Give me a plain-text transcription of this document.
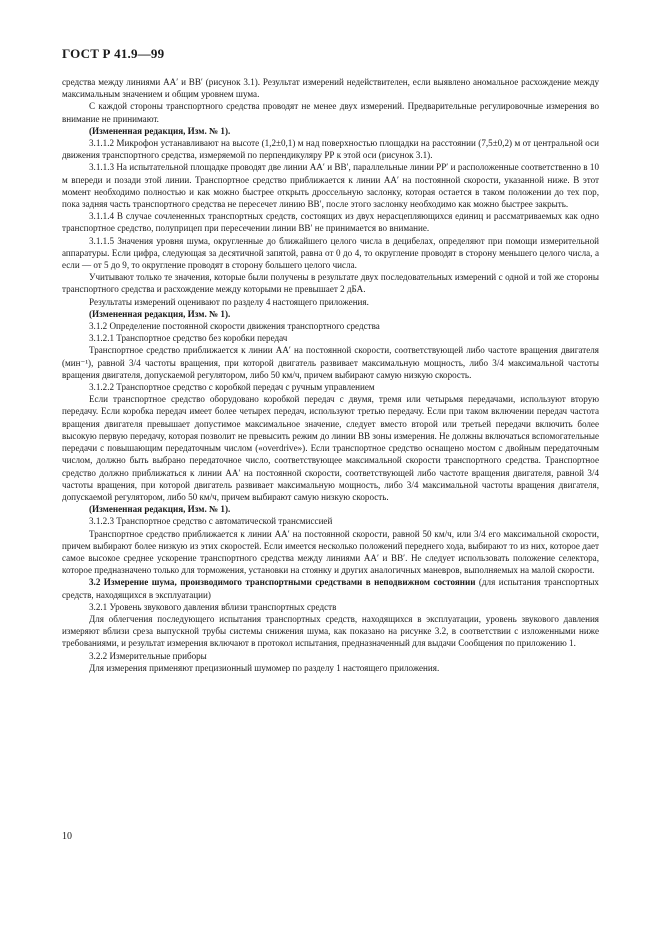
ГОСТ Р 41.9—99

средства между линиями АА′ и ВВ′ (рисунок 3.1). Результат измерений недействителен, если выявлено аномальное расхождение между максимальным значением и общим уровнем шума.

С каждой стороны транспортного средства проводят не менее двух измерений. Предварительные регулировочные измерения во внимание не принимают.

(Измененная редакция, Изм. № 1).

3.1.1.2 Микрофон устанавливают на высоте (1,2±0,1) м над поверхностью площадки на расстоянии (7,5±0,2) м от центральной оси движения транспортного средства, измеряемой по перпендикуляру РР к этой оси (рисунок 3.1).

3.1.1.3 На испытательной площадке проводят две линии АА′ и ВВ′, параллельные линии РР′ и расположенные соответственно в 10 м впереди и позади этой линии. Транспортное средство приближается к линии АА′ на постоянной скорости, указанной ниже. В этот момент необходимо полностью и как можно быстрее открыть дроссельную заслонку, которая остается в таком положении до тех пор, пока задняя часть транспортного средства не пересечет линию ВВ′, после этого заслонку необходимо как можно быстрее закрыть.

3.1.1.4 В случае сочлененных транспортных средств, состоящих из двух нерасцепляющихся единиц и рассматриваемых как одно транспортное средство, полуприцеп при пересечении линии ВВ′ не принимается во внимание.

3.1.1.5 Значения уровня шума, округленные до ближайшего целого числа в децибелах, определяют при помощи измерительной аппаратуры. Если цифра, следующая за десятичной запятой, равна от 0 до 4, то округление проводят в сторону меньшего целого числа, а если — от 5 до 9, то округление проводят в сторону большего целого числа.

Учитывают только те значения, которые были получены в результате двух последовательных измерений с одной и той же стороны транспортного средства и расхождение между которыми не превышает 2 дБА.

Результаты измерений оценивают по разделу 4 настоящего приложения.

(Измененная редакция, Изм. № 1).

3.1.2 Определение постоянной скорости движения транспортного средства

3.1.2.1 Транспортное средство без коробки передач

Транспортное средство приближается к линии АА′ на постоянной скорости, соответствующей либо частоте вращения двигателя (мин⁻¹), равной 3/4 частоты вращения, при которой двигатель развивает максимальную мощность, либо 3/4 максимальной частоты вращения двигателя, допускаемой регулятором, либо 50 км/ч, причем выбирают самую низкую скорость.

3.1.2.2 Транспортное средство с коробкой передач с ручным управлением

Если транспортное средство оборудовано коробкой передач с двумя, тремя или четырьмя передачами, используют вторую передачу. Если коробка передач имеет более четырех передач, используют третью передачу. Если при таком включении передач частота вращения двигателя превышает допустимое максимальное значение, следует вместо второй или третьей передачи включить более высокую первую передачу, которая позволит не превысить режим до линии ВВ зоны измерения. Не должны включаться вспомогательные передачи с повышающим передаточным числом («overdrive»). Если транспортное средство оснащено мостом с двойным передаточным числом, должно быть выбрано передаточное число, соответствующее максимальной скорости транспортного средства. Транспортное средство должно приближаться к линии АА′ на постоянной скорости, соответствующей либо частоте вращения двигателя, равной 3/4 частоты вращения, при которой двигатель развивает максимальную мощность, либо 3/4 максимальной частоты вращения двигателя, допускаемой регулятором, либо 50 км/ч, причем выбирают самую низкую скорость.

(Измененная редакция, Изм. № 1).

3.1.2.3 Транспортное средство с автоматической трансмиссией

Транспортное средство приближается к линии АА′ на постоянной скорости, равной 50 км/ч, или 3/4 его максимальной скорости, причем выбирают более низкую из этих скоростей. Если имеется несколько положений переднего хода, выбирают то из них, которое дает самое высокое среднее ускорение транспортного средства между линиями АА′ и ВВ′. Не следует использовать положение селектора, которое предназначено только для торможения, установки на стоянку и других аналогичных маневров, выполняемых на малой скорости.

3.2 Измерение шума, производимого транспортными средствами в неподвижном состоянии (для испытания транспортных средств, находящихся в эксплуатации)

3.2.1 Уровень звукового давления вблизи транспортных средств

Для облегчения последующего испытания транспортных средств, находящихся в эксплуатации, уровень звукового давления измеряют вблизи среза выпускной трубы системы снижения шума, как показано на рисунке 3.2, в соответствии с изложенными ниже требованиями, и результат измерения включают в протокол испытания, предназначенный для выдачи Сообщения по приложению 1.

3.2.2 Измерительные приборы

Для измерения применяют прецизионный шумомер по разделу 1 настоящего приложения.

10
